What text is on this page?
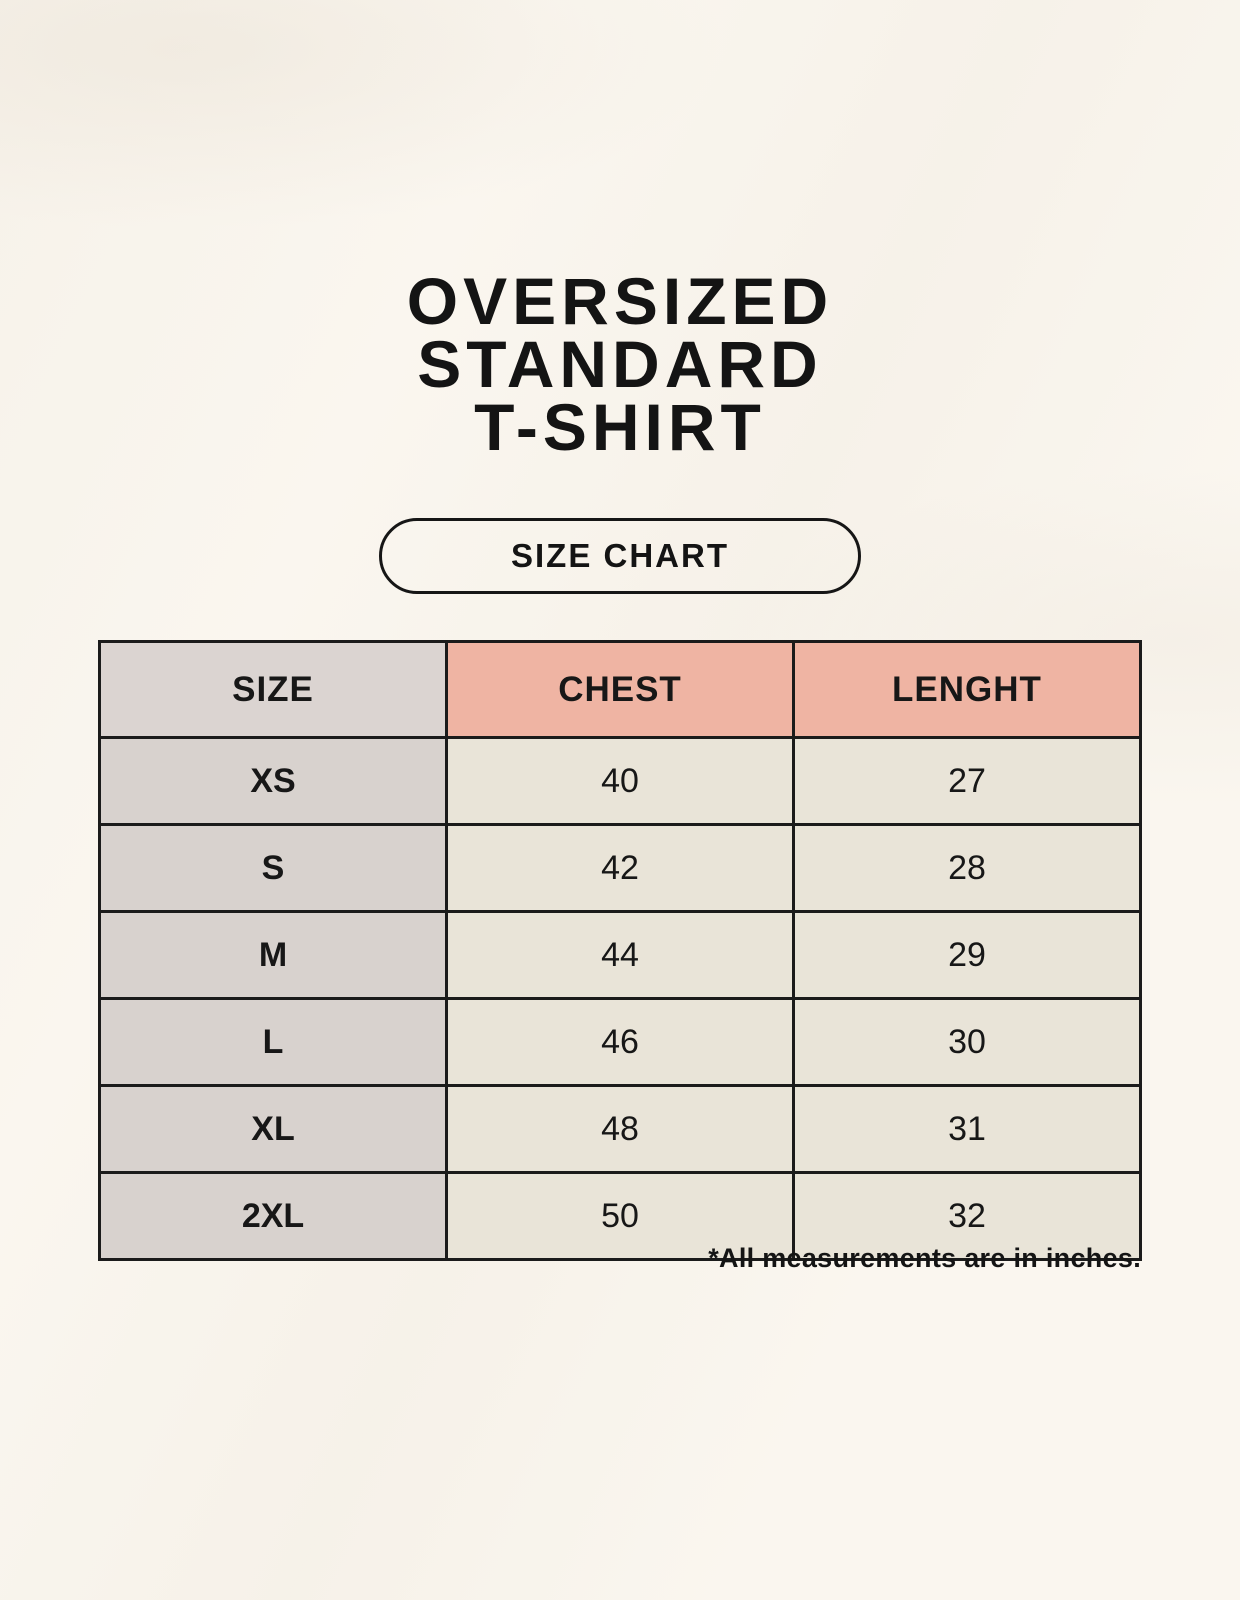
OVERSIZED
STANDARD
T-SHIRT
SIZE CHART
SIZE	CHEST	LENGHT
XS	40	27
S	42	28
M	44	29
L	46	30
XL	48	31
2XL	50	32
*All measurements are in inches.
